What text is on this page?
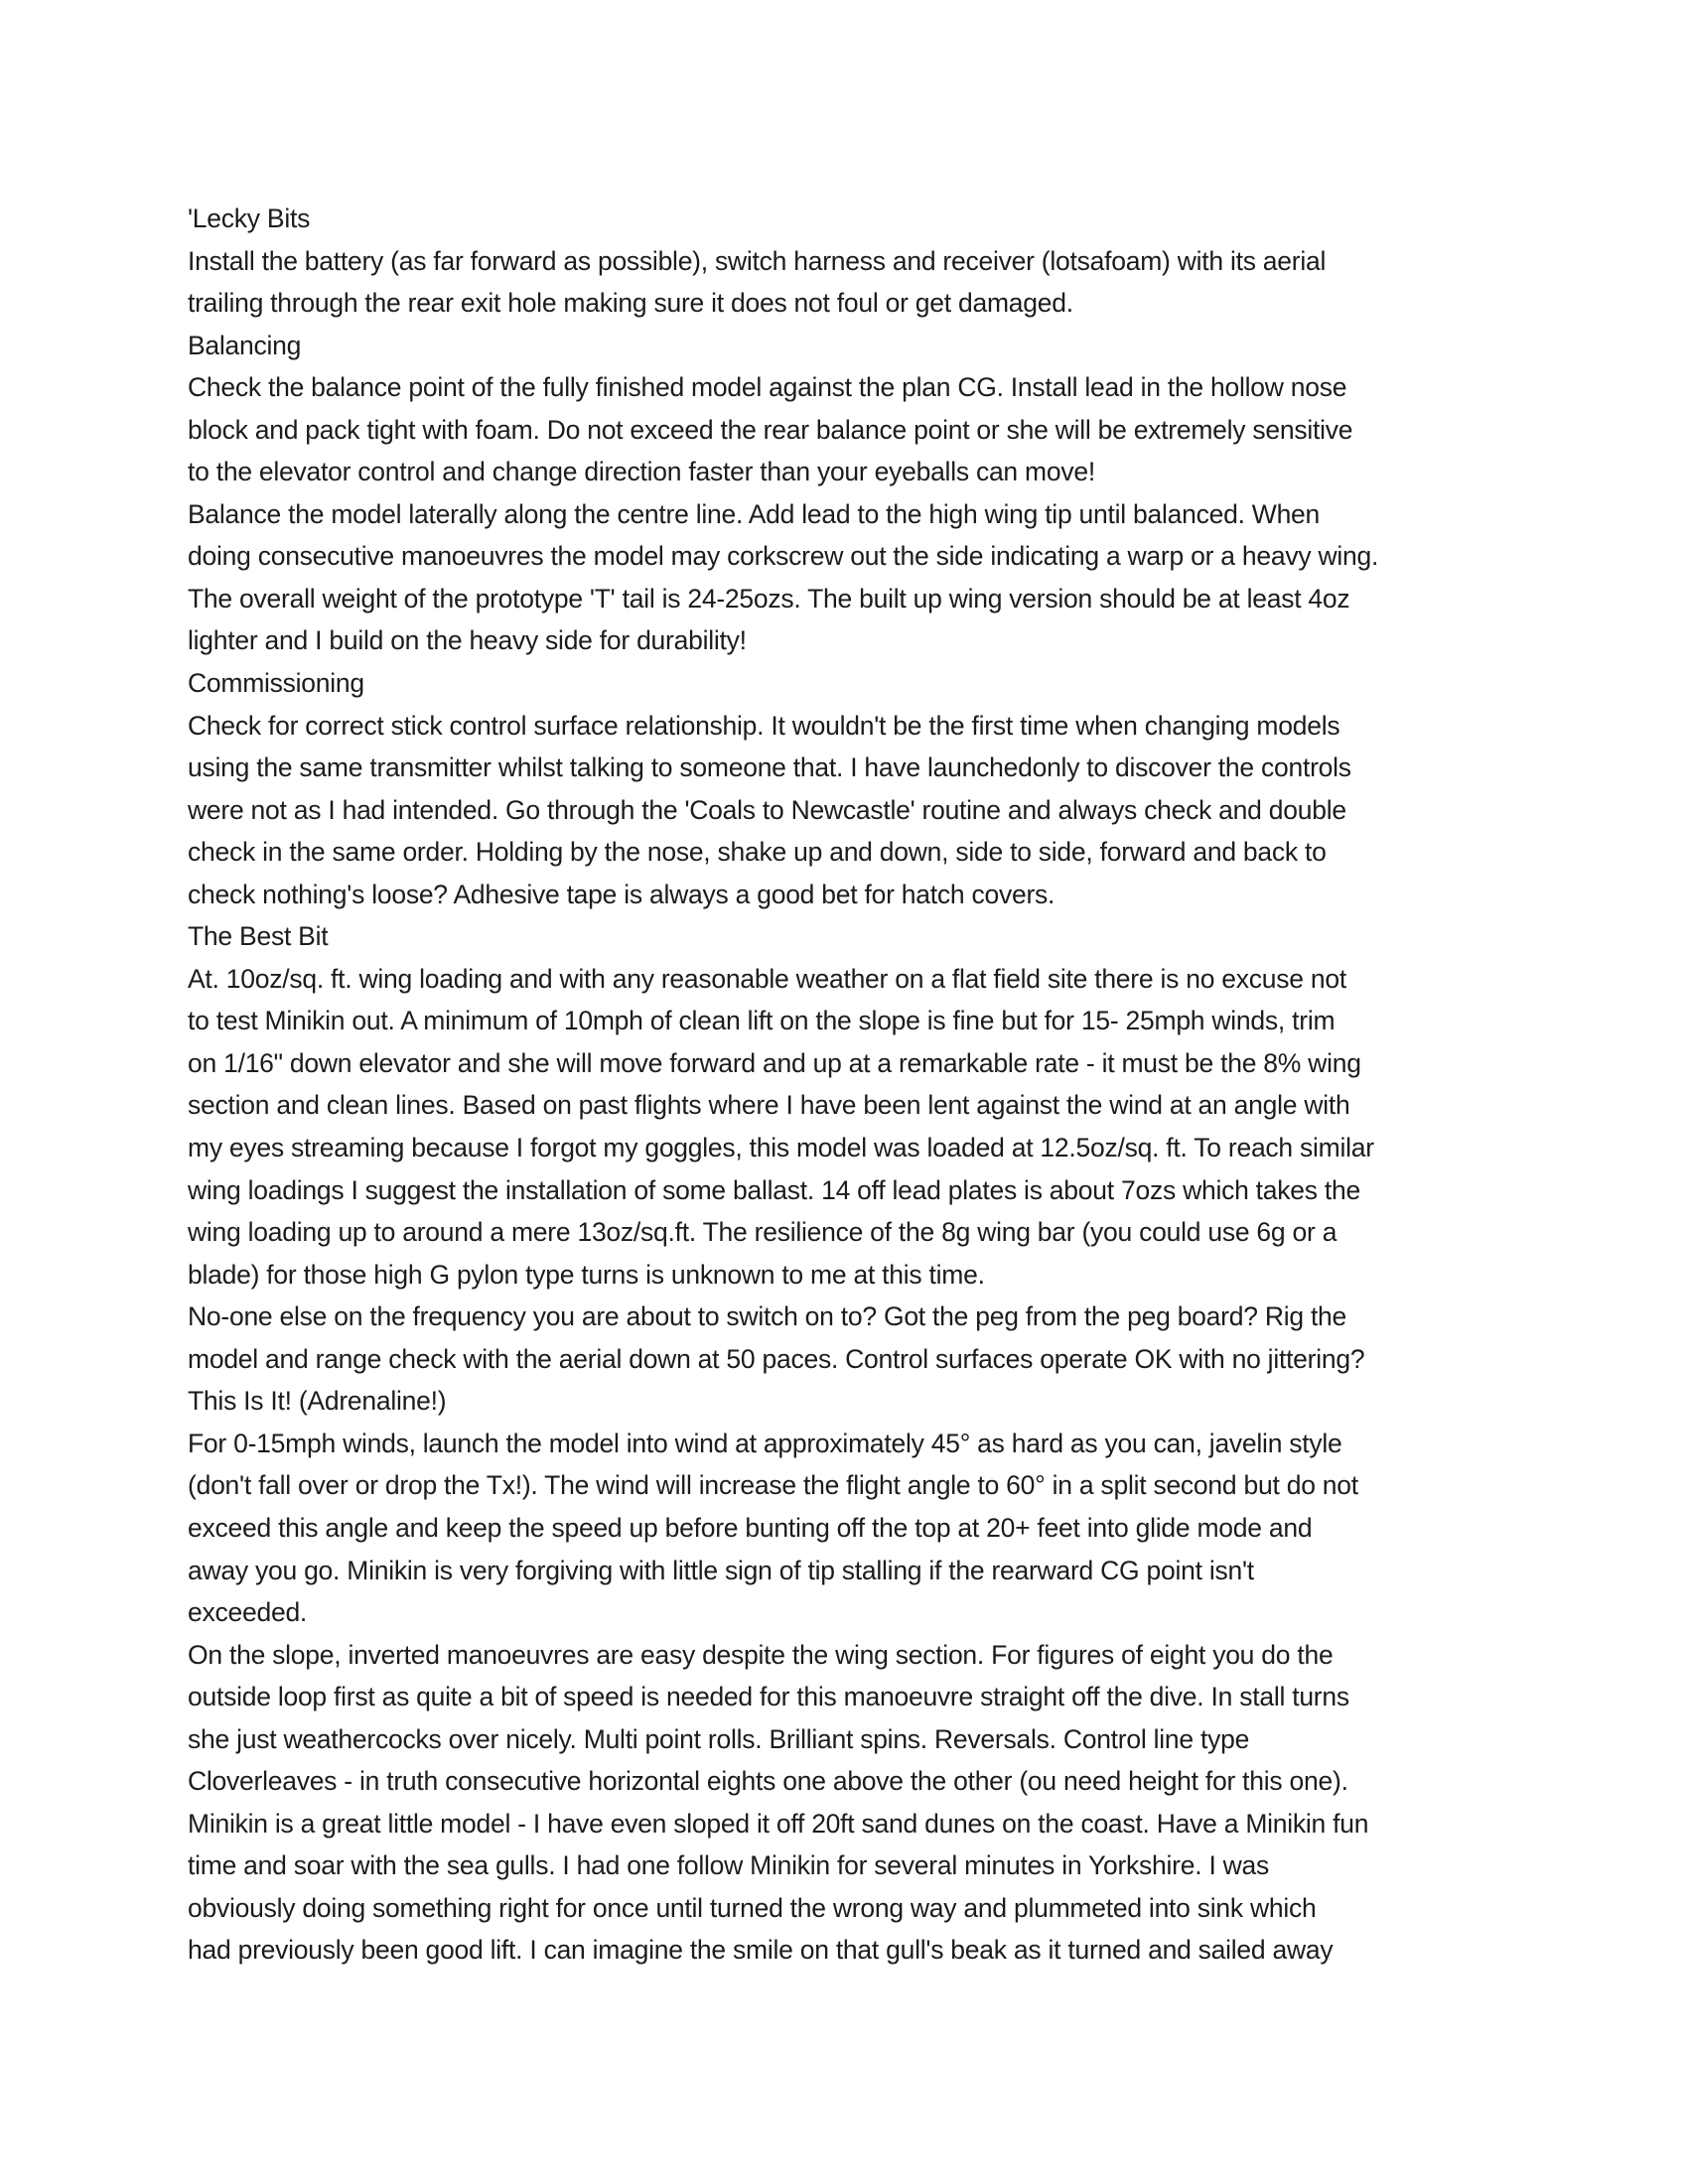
'Lecky Bits
Install the battery (as far forward as possible), switch harness and receiver (lotsafoam) with its aerial
trailing through the rear exit hole making sure it does not foul or get damaged.
Balancing
Check the balance point of the fully finished model against the plan CG. Install lead in the hollow nose
block and pack tight with foam. Do not exceed the rear balance point or she will be extremely sensitive
to the elevator control and change direction faster than your eyeballs can move!
Balance the model laterally along the centre line. Add lead to the high wing tip until balanced. When
doing consecutive manoeuvres the model may corkscrew out the side indicating a warp or a heavy wing.
The overall weight of the prototype 'T' tail is 24-25ozs. The built up wing version should be at least 4oz
lighter and I build on the heavy side for durability!
Commissioning
Check for correct stick control surface relationship. It wouldn't be the first time when changing models
using the same transmitter whilst talking to someone that. I have launchedonly to discover the controls
were not as I had intended. Go through the 'Coals to Newcastle' routine and always check and double
check in the same order. Holding by the nose, shake up and down, side to side, forward and back to
check nothing's loose? Adhesive tape is always a good bet for hatch covers.
The Best Bit
At. 10oz/sq. ft. wing loading and with any reasonable weather on a flat field site there is no excuse not
to test Minikin out. A minimum of 10mph of clean lift on the slope is fine but for 15- 25mph winds, trim
on 1/16" down elevator and she will move forward and up at a remarkable rate - it must be the 8% wing
section and clean lines. Based on past flights where I have been lent against the wind at an angle with
my eyes streaming because I forgot my goggles, this model was loaded at 12.5oz/sq. ft. To reach similar
wing loadings I suggest the installation of some ballast. 14 off lead plates is about 7ozs which takes the
wing loading up to around a mere 13oz/sq.ft. The resilience of the 8g wing bar (you could use 6g or a
blade) for those high G pylon type turns is unknown to me at this time.
No-one else on the frequency you are about to switch on to? Got the peg from the peg board? Rig the
model and range check with the aerial down at 50 paces. Control surfaces operate OK with no jittering?
This Is It! (Adrenaline!)
For 0-15mph winds, launch the model into wind at approximately 45° as hard as you can, javelin style
(don't fall over or drop the Tx!). The wind will increase the flight angle to 60° in a split second but do not
exceed this angle and keep the speed up before bunting off the top at 20+ feet into glide mode and
away you go. Minikin is very forgiving with little sign of tip stalling if the rearward CG point isn't
exceeded.
On the slope, inverted manoeuvres are easy despite the wing section. For figures of eight you do the
outside loop first as quite a bit of speed is needed for this manoeuvre straight off the dive. In stall turns
she just weathercocks over nicely. Multi point rolls. Brilliant spins. Reversals. Control line type
Cloverleaves - in truth consecutive horizontal eights one above the other (ou need height for this one).
Minikin is a great little model - I have even sloped it off 20ft sand dunes on the coast. Have a Minikin fun
time and soar with the sea gulls. I had one follow Minikin for several minutes in Yorkshire. I was
obviously doing something right for once until turned the wrong way and plummeted into sink which
had previously been good lift. I can imagine the smile on that gull's beak as it turned and sailed away
